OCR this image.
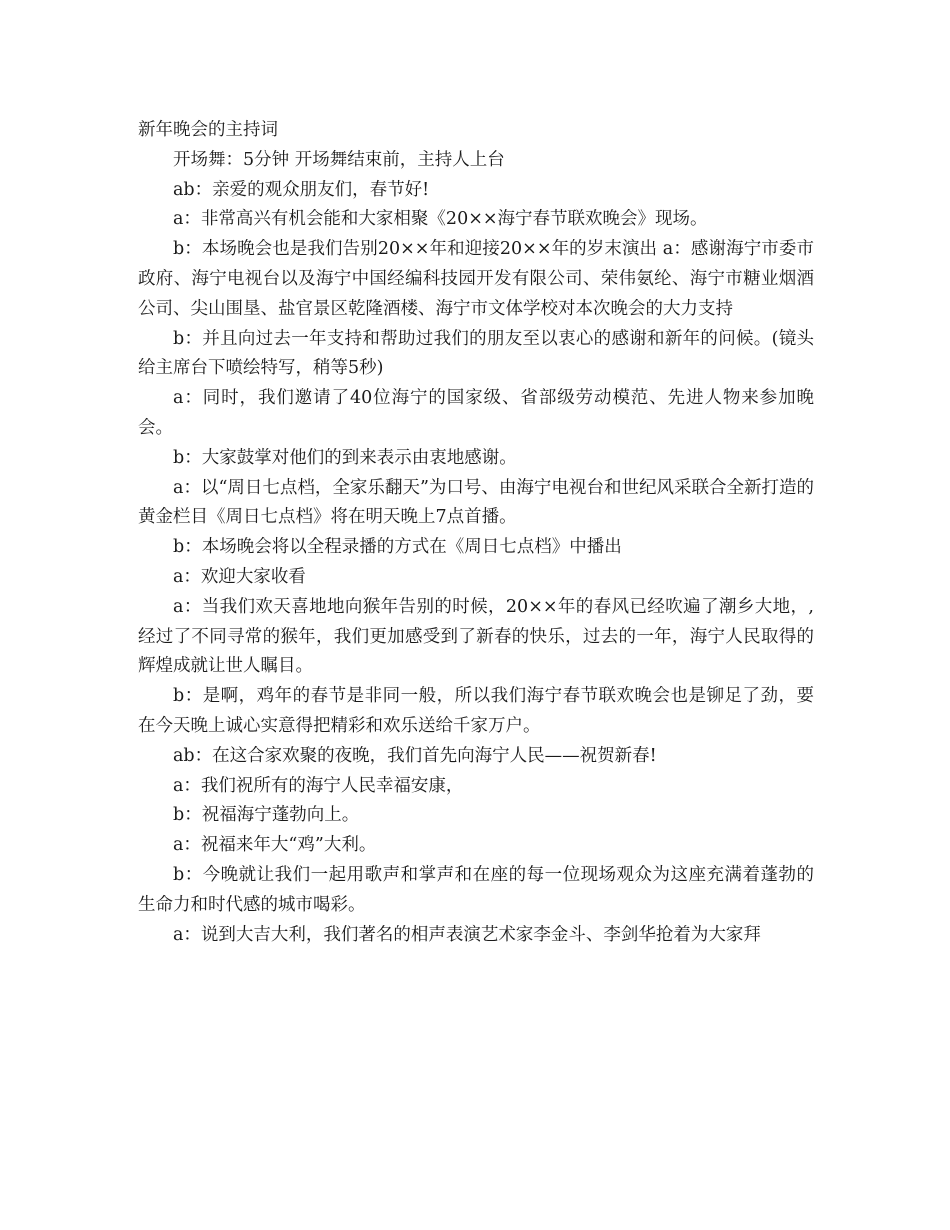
新年晚会的主持词

开场舞：5分钟 开场舞结束前，主持人上台

ab：亲爱的观众朋友们，春节好!

a：非常高兴有机会能和大家相聚《20××海宁春节联欢晚会》现场。

b：本场晚会也是我们告别20××年和迎接20××年的岁末演出 a：感谢海宁市委市政府、海宁电视台以及海宁中国经编科技园开发有限公司、荣伟氨纶、海宁市糖业烟酒公司、尖山围垦、盐官景区乾隆酒楼、海宁市文体学校对本次晚会的大力支持

b：并且向过去一年支持和帮助过我们的朋友至以衷心的感谢和新年的问候。(镜头给主席台下喷绘特写，稍等5秒)

a：同时，我们邀请了40位海宁的国家级、省部级劳动模范、先进人物来参加晚会。

b：大家鼓掌对他们的到来表示由衷地感谢。

a：以“周日七点档，全家乐翻天”为口号、由海宁电视台和世纪风采联合全新打造的黄金栏目《周日七点档》将在明天晚上7点首播。

b：本场晚会将以全程录播的方式在《周日七点档》中播出

a：欢迎大家收看

a：当我们欢天喜地地向猴年告别的时候，20××年的春风已经吹遍了潮乡大地，,经过了不同寻常的猴年，我们更加感受到了新春的快乐，过去的一年，海宁人民取得的辉煌成就让世人瞩目。

b：是啊，鸡年的春节是非同一般，所以我们海宁春节联欢晚会也是铆足了劲，要在今天晚上诚心实意得把精彩和欢乐送给千家万户。

ab：在这合家欢聚的夜晚，我们首先向海宁人民——祝贺新春!

a：我们祝所有的海宁人民幸福安康，

b：祝福海宁蓬勃向上。

a：祝福来年大“鸡”大利。

b：今晚就让我们一起用歌声和掌声和在座的每一位现场观众为这座充满着蓬勃的生命力和时代感的城市喝彩。

a：说到大吉大利，我们著名的相声表演艺术家李金斗、李剑华抢着为大家拜
